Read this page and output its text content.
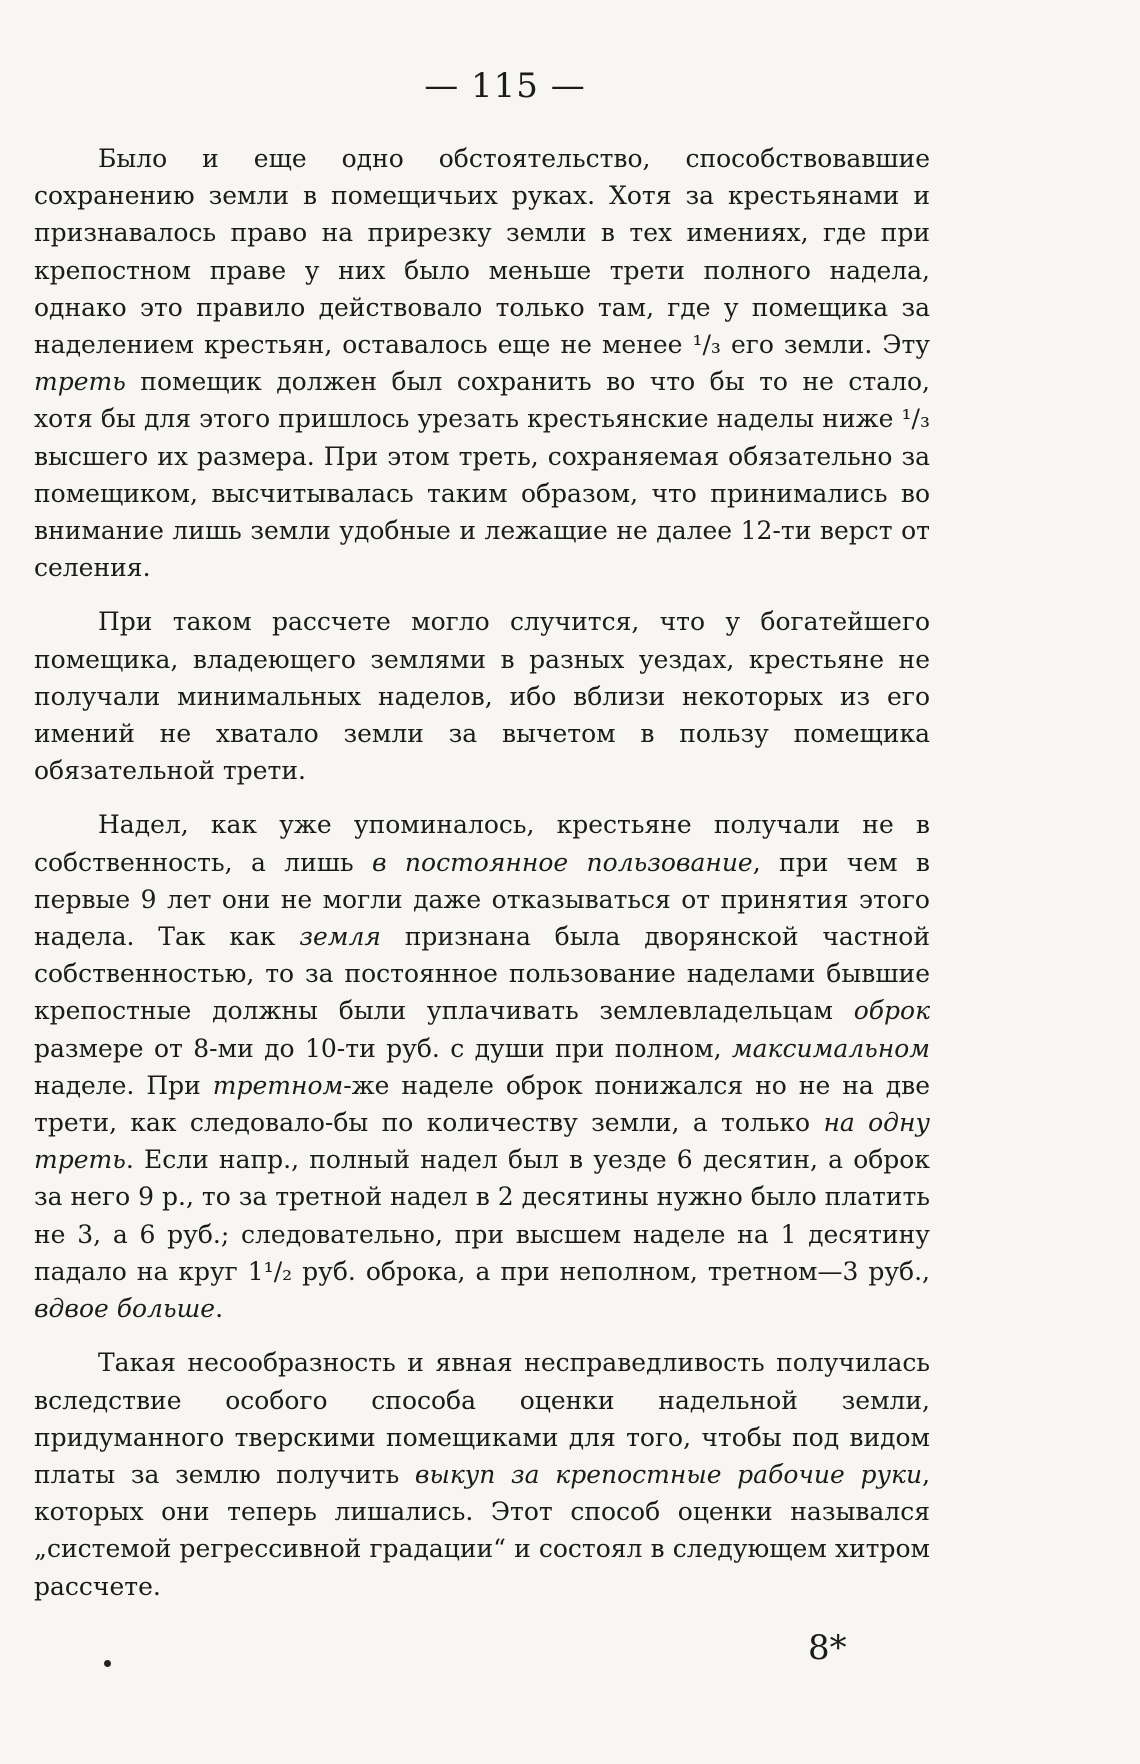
— 115 —

Было и еще одно обстоятельство, способствовавшие сохранению земли в помещичьих руках. Хотя за крестьянами и признавалось право на прирезку земли в тех имениях, где при крепостном праве у них было меньше трети полного надела, однако это правило действовало только там, где у помещика за наделением крестьян, оставалось еще не менее ¹/₃ его земли. Эту треть помещик должен был сохранить во что бы то не стало, хотя бы для этого пришлось урезать крестьянские наделы ниже ¹/₃ высшего их размера. При этом треть, сохраняемая обязательно за помещиком, высчитывалась таким образом, что принимались во внимание лишь земли удобные и лежащие не далее 12-ти верст от селения.

При таком рассчете могло случится, что у богатейшего помещика, владеющего землями в разных уездах, крестьяне не получали минимальных наделов, ибо вблизи некоторых из его имений не хватало земли за вычетом в пользу помещика обязательной трети.

Надел, как уже упоминалось, крестьяне получали не в собственность, а лишь в постоянное пользование, при чем в первые 9 лет они не могли даже отказываться от принятия этого надела. Так как земля признана была дворянской частной собственностью, то за постоянное пользование наделами бывшие крепостные должны были уплачивать землевладельцам оброк размере от 8-ми до 10-ти руб. с души при полном, максимальном наделе. При третном-же наделе оброк понижался но не на две трети, как следовало-бы по количеству земли, а только на одну треть. Если напр., полный надел был в уезде 6 десятин, а оброк за него 9 р., то за третной надел в 2 десятины нужно было платить не 3, а 6 руб.; следовательно, при высшем наделе на 1 десятину падало на круг 1¹/₂ руб. оброка, а при неполном, третном—3 руб., вдвое больше.

Такая несообразность и явная несправедливость получилась вследствие особого способа оценки надельной земли, придуманного тверскими помещиками для того, чтобы под видом платы за землю получить выкуп за крепостные рабочие руки, которых они теперь лишались. Этот способ оценки назывался „системой регрессивной градации“ и состоял в следующем хитром рассчете.

8*
